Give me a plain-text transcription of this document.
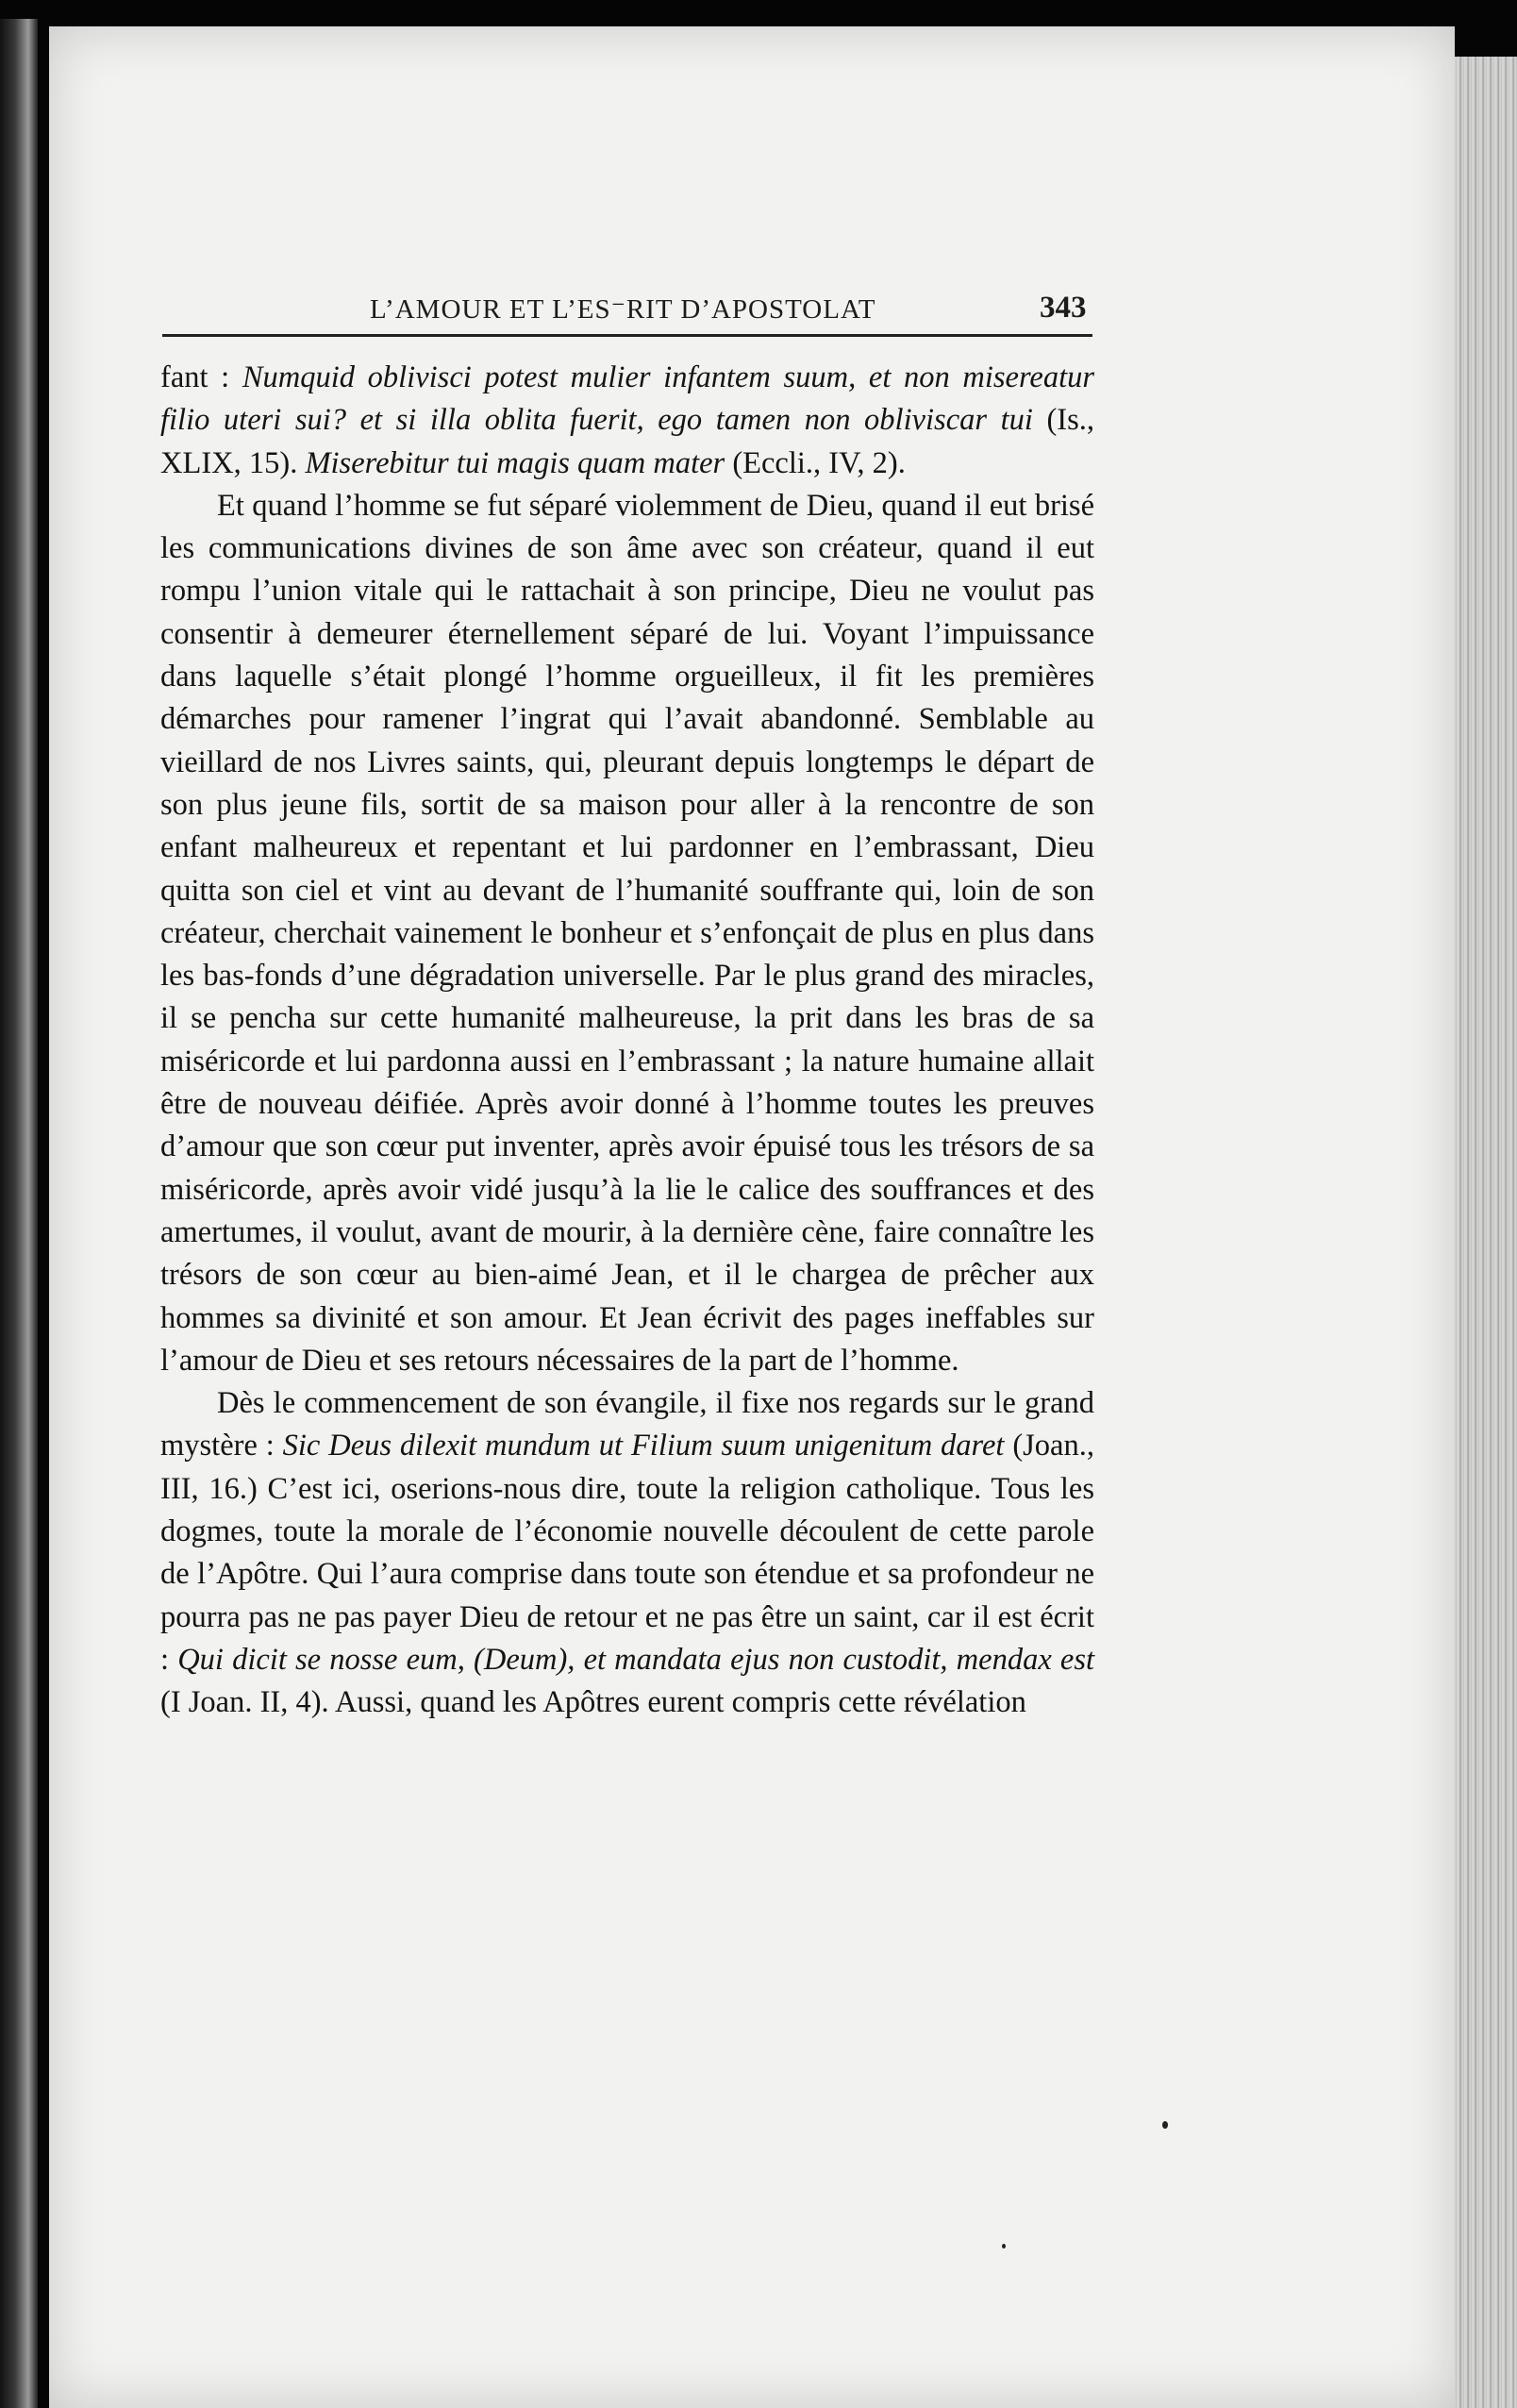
L’AMOUR ET L’ES⁻RIT D’APOSTOLAT	343

fant : Numquid oblivisci potest mulier infantem suum, et non misereatur filio uteri sui? et si illa oblita fuerit, ego tamen non obliviscar tui (Is., XLIX, 15). Miserebitur tui magis quam mater (Eccli., IV, 2).

Et quand l’homme se fut séparé violemment de Dieu, quand il eut brisé les communications divines de son âme avec son créateur, quand il eut rompu l’union vitale qui le rattachait à son principe, Dieu ne voulut pas consentir à demeurer éternellement séparé de lui. Voyant l’impuissance dans laquelle s’était plongé l’homme orgueilleux, il fit les premières démarches pour ramener l’ingrat qui l’avait abandonné. Semblable au vieillard de nos Livres saints, qui, pleurant depuis longtemps le départ de son plus jeune fils, sortit de sa maison pour aller à la rencontre de son enfant malheureux et repentant et lui pardonner en l’embrassant, Dieu quitta son ciel et vint au devant de l’humanité souffrante qui, loin de son créateur, cherchait vainement le bonheur et s’enfonçait de plus en plus dans les bas-fonds d’une dégradation universelle. Par le plus grand des miracles, il se pencha sur cette humanité malheureuse, la prit dans les bras de sa miséricorde et lui pardonna aussi en l’embrassant ; la nature humaine allait être de nouveau déifiée. Après avoir donné à l’homme toutes les preuves d’amour que son cœur put inventer, après avoir épuisé tous les trésors de sa miséricorde, après avoir vidé jusqu’à la lie le calice des souffrances et des amertumes, il voulut, avant de mourir, à la dernière cène, faire connaître les trésors de son cœur au bien-aimé Jean, et il le chargea de prêcher aux hommes sa divinité et son amour. Et Jean écrivit des pages ineffables sur l’amour de Dieu et ses retours nécessaires de la part de l’homme.

Dès le commencement de son évangile, il fixe nos regards sur le grand mystère : Sic Deus dilexit mundum ut Filium suum unigenitum daret (Joan., III, 16.) C’est ici, oserions-nous dire, toute la religion catholique. Tous les dogmes, toute la morale de l’économie nouvelle découlent de cette parole de l’Apôtre. Qui l’aura comprise dans toute son étendue et sa profondeur ne pourra pas ne pas payer Dieu de retour et ne pas être un saint, car il est écrit : Qui dicit se nosse eum, (Deum), et mandata ejus non custodit, mendax est (I Joan. II, 4). Aussi, quand les Apôtres eurent compris cette révélation
